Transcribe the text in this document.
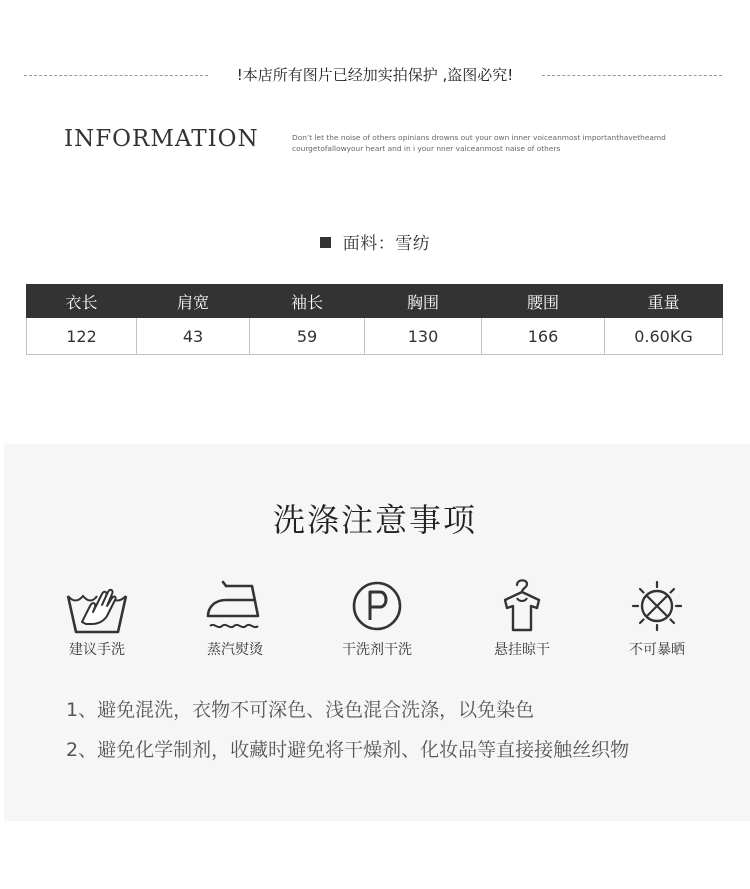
!本店所有图片已经加实拍保护 ,盗图必究!
INFORMATION	Don’t let the noise of others opinians drowns out your own inner voiceanmost importanthavetheamd
courgetofallowyour heart and in i your nner vaiceanmost naise of others
面料：雪纺
衣长	肩宽	袖长	胸围	腰围	重量
122	43	59	130	166	0.60KG
洗涤注意事项
建议手洗	蒸汽熨烫	干洗剂干洗	悬挂晾干	不可暴晒
1、避免混洗，衣物不可深色、浅色混合洗涤，以免染色
2、避免化学制剂，收藏时避免将干燥剂、化妆品等直接接触丝织物
